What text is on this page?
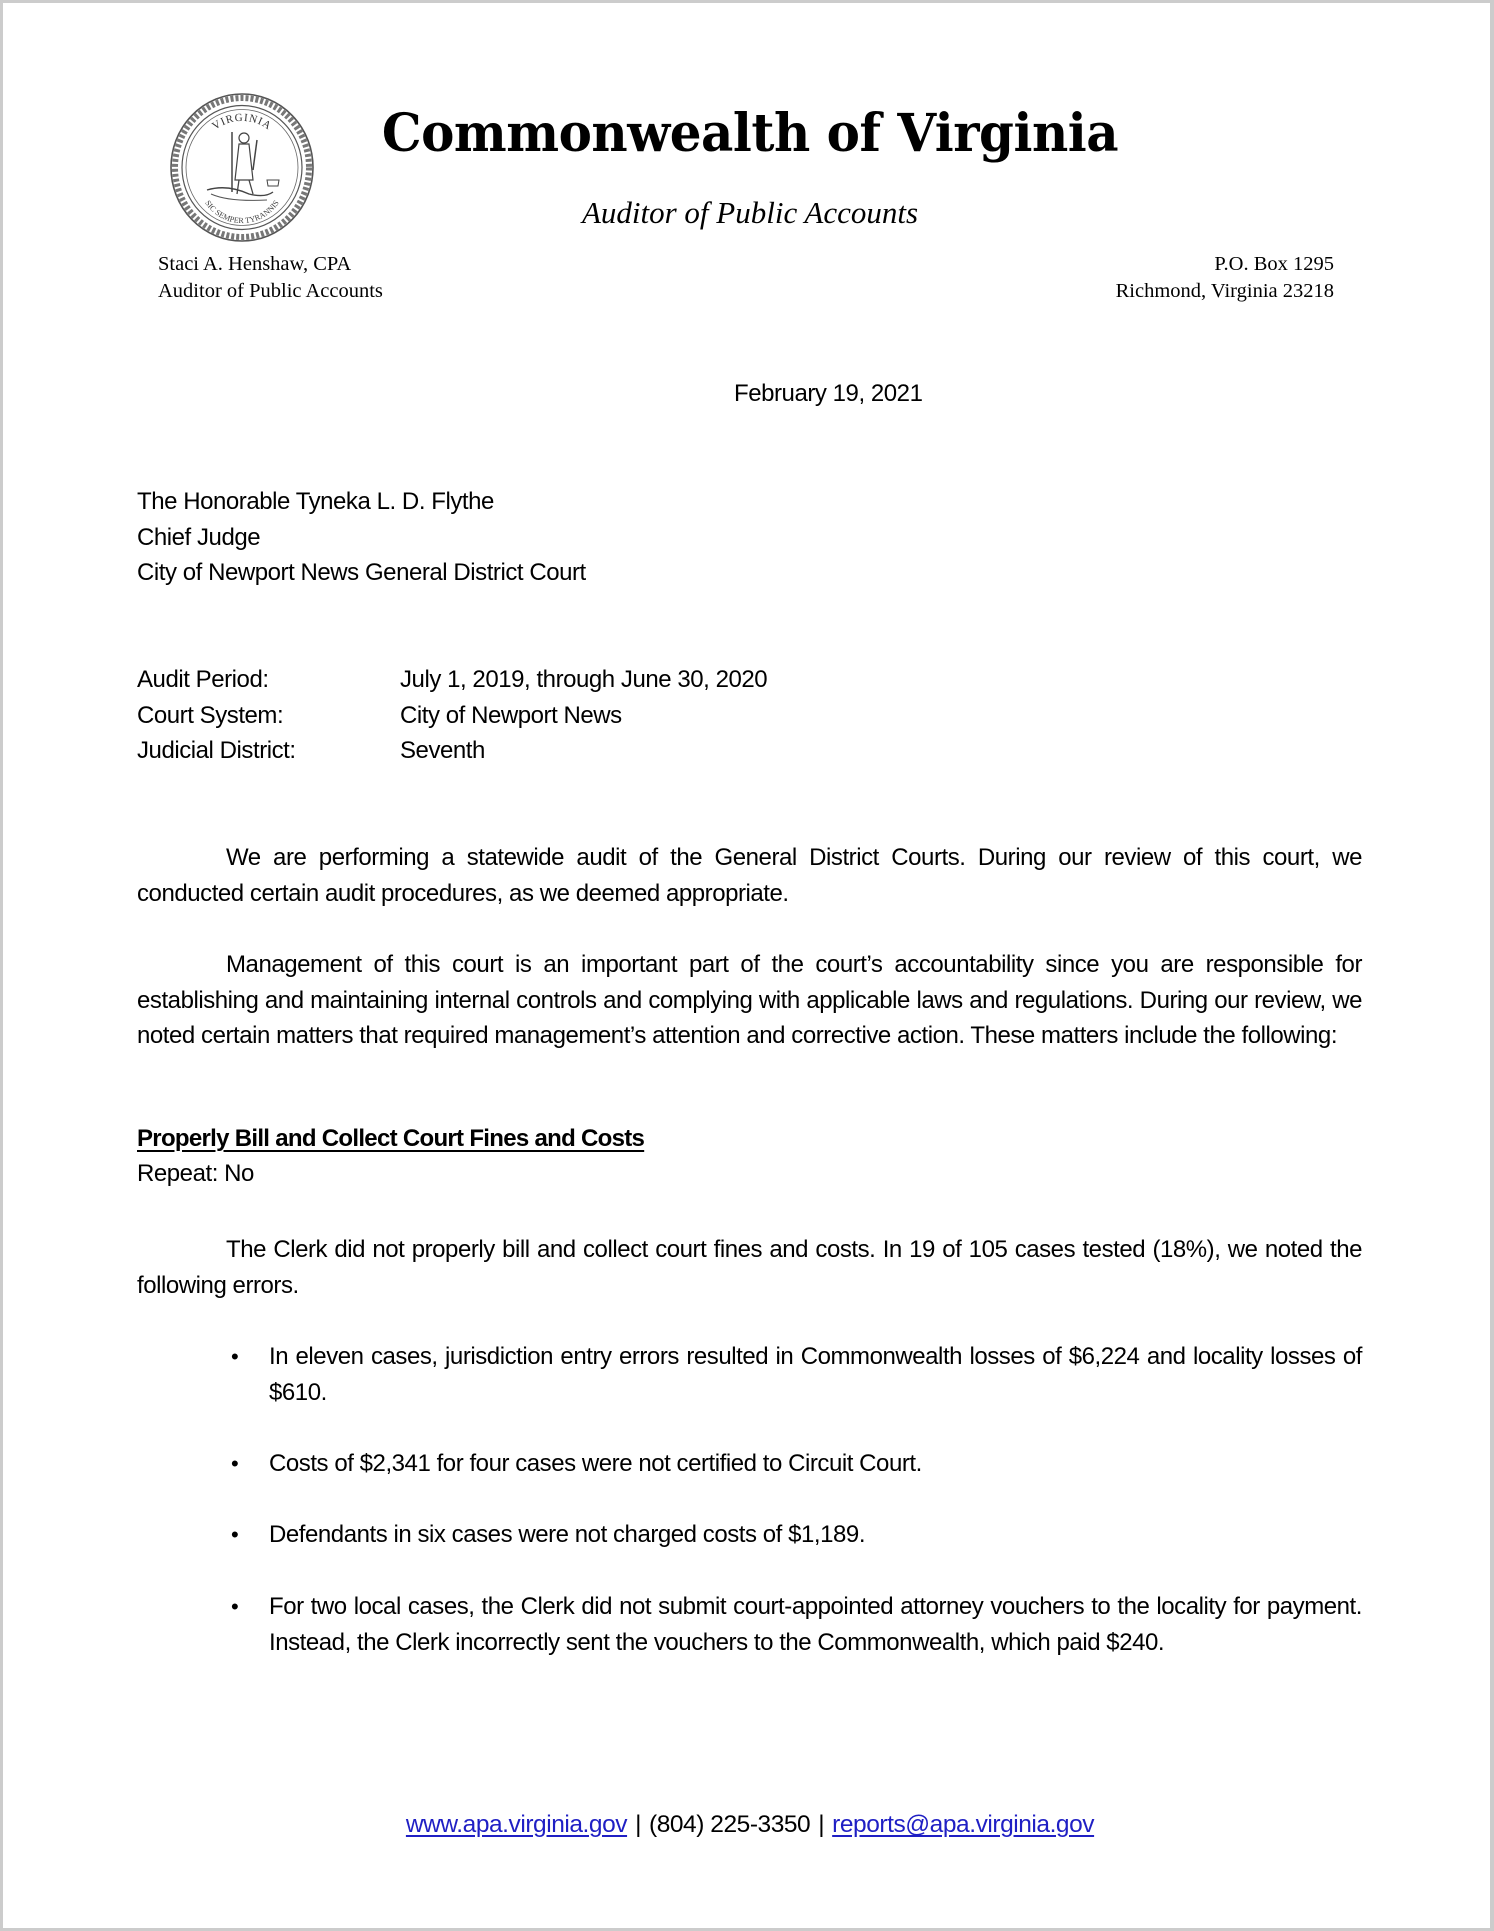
VIRGINIA
SIC SEMPER TYRANNIS
Commonwealth of Virginia
Auditor of Public Accounts
Staci A. Henshaw, CPA
Auditor of Public Accounts
P.O. Box 1295
Richmond, Virginia 23218
February 19, 2021
The Honorable Tyneka L. D. Flythe
Chief Judge
City of Newport News General District Court
Audit Period:	July 1, 2019, through June 30, 2020
Court System:	City of Newport News
Judicial District:	Seventh
We are performing a statewide audit of the General District Courts. During our review of this court, we conducted certain audit procedures, as we deemed appropriate.
Management of this court is an important part of the court’s accountability since you are responsible for establishing and maintaining internal controls and complying with applicable laws and regulations. During our review, we noted certain matters that required management’s attention and corrective action. These matters include the following:
Properly Bill and Collect Court Fines and Costs
Repeat: No
The Clerk did not properly bill and collect court fines and costs. In 19 of 105 cases tested (18%), we noted the following errors.
• In eleven cases, jurisdiction entry errors resulted in Commonwealth losses of $6,224 and locality losses of $610.
• Costs of $2,341 for four cases were not certified to Circuit Court.
• Defendants in six cases were not charged costs of $1,189.
• For two local cases, the Clerk did not submit court-appointed attorney vouchers to the locality for payment. Instead, the Clerk incorrectly sent the vouchers to the Commonwealth, which paid $240.
www.apa.virginia.gov | (804) 225-3350 | reports@apa.virginia.gov
